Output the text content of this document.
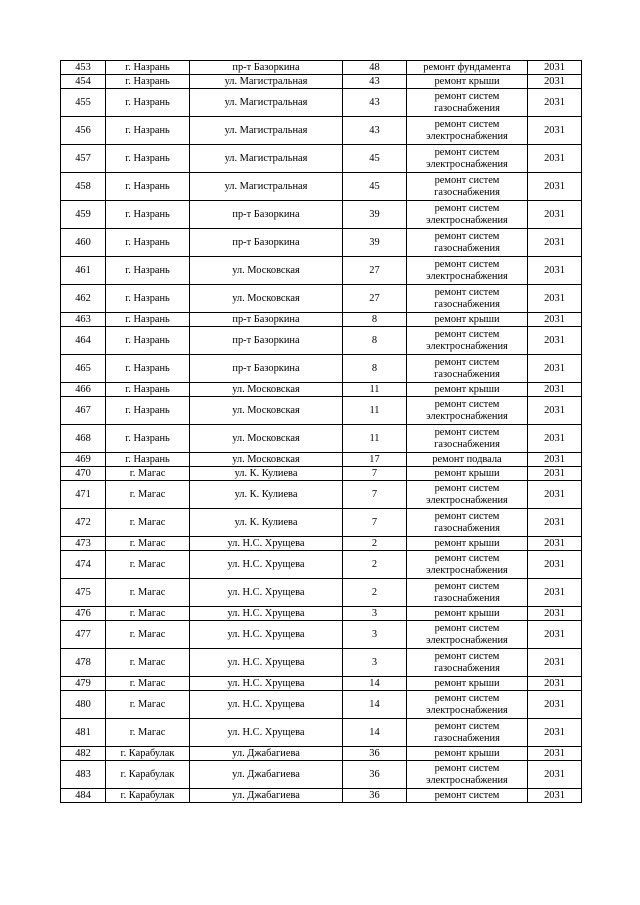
453	г. Назрань	пр-т Базоркина	48	ремонт фундамента	2031
454	г. Назрань	ул. Магистральная	43	ремонт крыши	2031
455	г. Назрань	ул. Магистральная	43	ремонт систем
газоснабжения	2031
456	г. Назрань	ул. Магистральная	43	ремонт систем
электроснабжения	2031
457	г. Назрань	ул. Магистральная	45	ремонт систем
электроснабжения	2031
458	г. Назрань	ул. Магистральная	45	ремонт систем
газоснабжения	2031
459	г. Назрань	пр-т Базоркина	39	ремонт систем
электроснабжения	2031
460	г. Назрань	пр-т Базоркина	39	ремонт систем
газоснабжения	2031
461	г. Назрань	ул. Московская	27	ремонт систем
электроснабжения	2031
462	г. Назрань	ул. Московская	27	ремонт систем
газоснабжения	2031
463	г. Назрань	пр-т Базоркина	8	ремонт крыши	2031
464	г. Назрань	пр-т Базоркина	8	ремонт систем
электроснабжения	2031
465	г. Назрань	пр-т Базоркина	8	ремонт систем
газоснабжения	2031
466	г. Назрань	ул. Московская	11	ремонт крыши	2031
467	г. Назрань	ул. Московская	11	ремонт систем
электроснабжения	2031
468	г. Назрань	ул. Московская	11	ремонт систем
газоснабжения	2031
469	г. Назрань	ул. Московская	17	ремонт подвала	2031
470	г. Магас	ул. К. Кулиева	7	ремонт крыши	2031
471	г. Магас	ул. К. Кулиева	7	ремонт систем
электроснабжения	2031
472	г. Магас	ул. К. Кулиева	7	ремонт систем
газоснабжения	2031
473	г. Магас	ул. Н.С. Хрущева	2	ремонт крыши	2031
474	г. Магас	ул. Н.С. Хрущева	2	ремонт систем
электроснабжения	2031
475	г. Магас	ул. Н.С. Хрущева	2	ремонт систем
газоснабжения	2031
476	г. Магас	ул. Н.С. Хрущева	3	ремонт крыши	2031
477	г. Магас	ул. Н.С. Хрущева	3	ремонт систем
электроснабжения	2031
478	г. Магас	ул. Н.С. Хрущева	3	ремонт систем
газоснабжения	2031
479	г. Магас	ул. Н.С. Хрущева	14	ремонт крыши	2031
480	г. Магас	ул. Н.С. Хрущева	14	ремонт систем
электроснабжения	2031
481	г. Магас	ул. Н.С. Хрущева	14	ремонт систем
газоснабжения	2031
482	г. Карабулак	ул. Джабагиева	36	ремонт крыши	2031
483	г. Карабулак	ул. Джабагиева	36	ремонт систем
электроснабжения	2031
484	г. Карабулак	ул. Джабагиева	36	ремонт систем	2031
